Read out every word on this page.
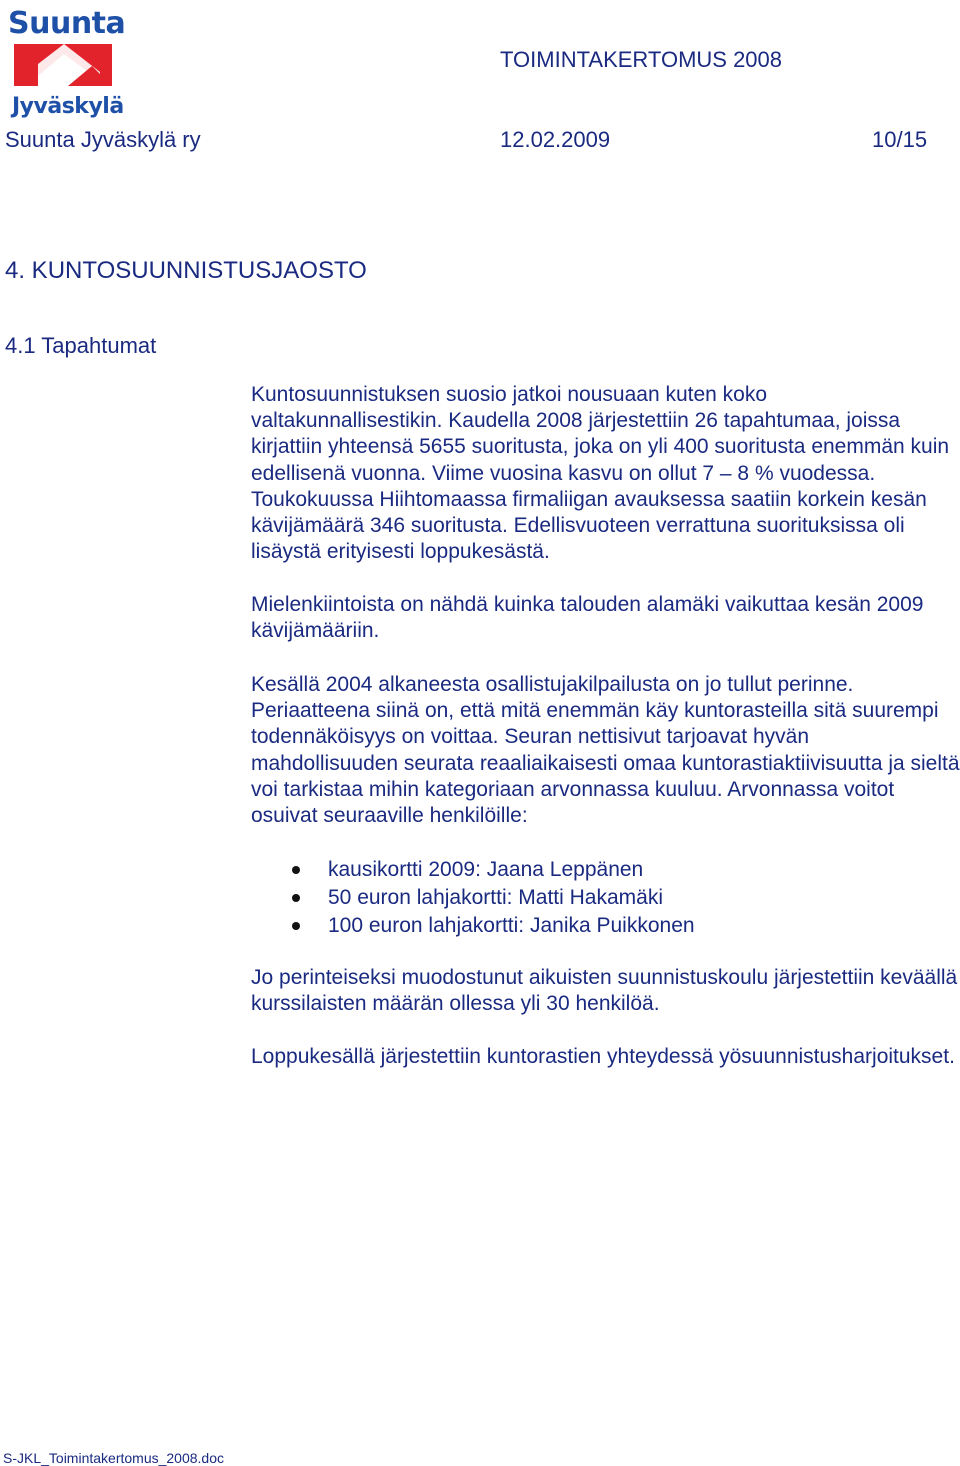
Suunta
Jyväskylä
TOIMINTAKERTOMUS 2008
Suunta Jyväskylä ry	12.02.2009	10/15
4. KUNTOSUUNNISTUSJAOSTO
4.1 Tapahtumat

Kuntosuunnistuksen suosio jatkoi nousuaan kuten koko valtakunnallisestikin. Kaudella 2008 järjestettiin 26 tapahtumaa, joissa kirjattiin yhteensä 5655 suoritusta, joka on yli 400 suoritusta enemmän kuin edellisenä vuonna. Viime vuosina kasvu on ollut 7 – 8 % vuodessa. Toukokuussa Hiihtomaassa firmaliigan avauksessa saatiin korkein kesän kävijämäärä 346 suoritusta. Edellisvuoteen verrattuna suorituksissa oli lisäystä erityisesti loppukesästä.

Mielenkiintoista on nähdä kuinka talouden alamäki vaikuttaa kesän 2009 kävijämääriin.

Kesällä 2004 alkaneesta osallistujakilpailusta on jo tullut perinne. Periaatteena siinä on, että mitä enemmän käy kuntorasteilla sitä suurempi todennäköisyys on voittaa. Seuran nettisivut tarjoavat hyvän mahdollisuuden seurata reaaliaikaisesti omaa kuntorastiaktiivisuutta ja sieltä voi tarkistaa mihin kategoriaan arvonnassa kuuluu. Arvonnassa voitot osuivat seuraaville henkilöille:

kausikortti 2009: Jaana Leppänen
50 euron lahjakortti: Matti Hakamäki
100 euron lahjakortti: Janika Puikkonen

Jo perinteiseksi muodostunut aikuisten suunnistuskoulu järjestettiin keväällä kurssilaisten määrän ollessa yli 30 henkilöä.

Loppukesällä järjestettiin kuntorastien yhteydessä yösuunnistusharjoitukset.

S-JKL_Toimintakertomus_2008.doc
